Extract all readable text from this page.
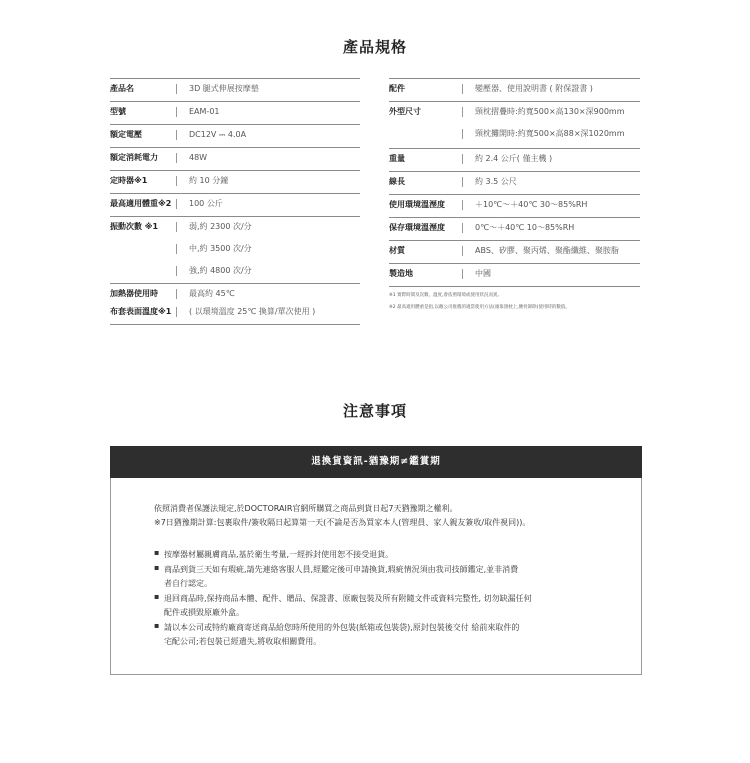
產品規格
產品名	3D 腿式伸展按摩墊
型號	EAM-01
額定電壓	DC12V ⎓ 4.0A
額定消耗電力	48W
定時器※1	約 10 分鐘
最高適用體重※2 100 公斤
振動次數 ※1	弱,約 2300 次/分
中,約 3500 次/分
強,約 4800 次/分
加熱器使用時	最高約 45℃
布套表面溫度※1 ( 以環境溫度 25℃ 換算/單次使用 )
配件	變壓器、使用說明書 ( 附保證書 )
外型尺寸	頸枕摺疊時:約寬500×高130×深900mm
頸枕攤開時:約寬500×高88×深1020mm
重量	約 2.4 公斤( 僅主機 )
線長	約 3.5 公尺
使用環境溫溼度	＋10℃～＋40℃ 30～85%RH
保存環境溫溼度	0℃～＋40℃ 10～85%RH
材質	ABS、矽膠、聚丙烯、聚酯纖維、聚胺脂
製造地	中國
※1 實際時間及次數、溫度,會依照環境或使用狀況而異。
※2 最高適用體重是指,以敝公司推薦的適當使用方法(頭靠頸枕上,腰骨卸除)使用時的數值。
注意事項
退換貨資訊-猶豫期≠鑑賞期
依照消費者保護法規定,於DOCTORAIR官網所購買之商品到貨日起7天猶豫期之權利。
※7日猶豫期計算:包裹取件/簽收隔日起算第一天(不論是否為買家本人(管理員、家人親友簽收/取件視同))。
▪ 按摩器材屬親膚商品,基於衛生考量,一經拆封使用恕不接受退貨。
▪ 商品到貨三天如有瑕疵,請先連絡客服人員,經鑑定後可申請換貨,瑕疵情況須由我司技師鑑定,並非消費
者自行認定。
▪ 退回商品時,保持商品本體、配件、贈品、保證書、原廠包裝及所有附隨文件或資料完整性, 切勿缺漏任何
配件或損毀原廠外盒。
▪ 請以本公司或特約廠商寄送商品給您時所使用的外包裝(紙箱或包裝袋),原封包裝後交付 給前來取件的
宅配公司;若包裝已經遺失,將收取相關費用。
